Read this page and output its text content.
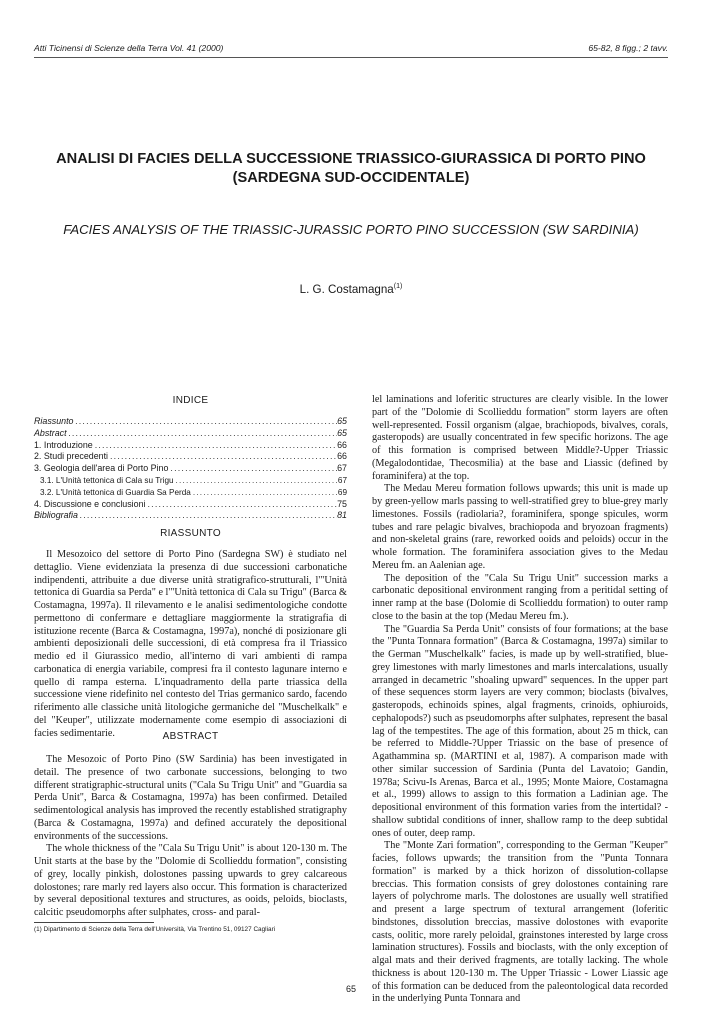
Atti Ticinensi di Scienze della Terra Vol. 41 (2000)	65-82, 8 figg.; 2 tavv.
ANALISI DI FACIES DELLA SUCCESSIONE TRIASSICO-GIURASSICA DI PORTO PINO
(SARDEGNA SUD-OCCIDENTALE)
FACIES ANALYSIS OF THE TRIASSIC-JURASSIC PORTO PINO SUCCESSION (SW SARDINIA)
L. G. Costamagna$^{(1)}$
INDICE
Riassunto .....	65
Abstract .....	65
1. Introduzione .....	66
2. Studi precedenti .....	66
3. Geologia dell'area di Porto Pino .....	67
3.1. L'Unità tettonica di Cala su Trigu .....	67
3.2. L'Unità tettonica di Guardia Sa Perda .....	69
4. Discussione e conclusioni .....	75
Bibliografia .....	81
RIASSUNTO

Il Mesozoico del settore di Porto Pino (Sardegna SW) è studiato nel dettaglio. Viene evidenziata la presenza di due successioni carbonatiche indipendenti, attribuite a due diverse unità stratigrafico-strutturali, l'"Unità tettonica di Guardia sa Perda" e l'"Unità tettonica di Cala su Trigu" (Barca & Costamagna, 1997a). Il rilevamento e le analisi sedimentologiche condotte permettono di confermare e dettagliare maggiormente la stratigrafia di istituzione recente (Barca & Costamagna, 1997a), nonché di posizionare gli ambienti deposizionali delle successioni, di età compresa fra il Triassico medio ed il Giurassico medio, all'interno di vari ambienti di rampa carbonatica di energia variabile, compresi fra il contesto lagunare interno e quello di rampa esterna. L'inquadramento della parte triassica della successione viene ridefinito nel contesto del Trias germanico sardo, facendo riferimento alle classiche unità litologiche germaniche del "Muschelkalk" e del "Keuper", utilizzate modernamente come esempio di associazioni di facies sedimentarie.	ABSTRACT

The Mesozoic of Porto Pino (SW Sardinia) has been investigated in detail. The presence of two carbonate successions, belonging to two different stratigraphic-structural units ("Cala Su Trigu Unit" and "Guardia sa Perda Unit", Barca & Costamagna, 1997a) has been confirmed. Detailed sedimentological analysis has improved the recently established stratigraphy (Barca & Costamagna, 1997a) and defined accurately the depositional environments of the successions.

The whole thickness of the "Cala Su Trigu Unit" is about 120-130 m. The Unit starts at the base by the "Dolomie di Scollieddu formation", consisting of grey, locally pinkish, dolostones passing upwards to grey calcareous dolostones; rare marly red layers also occur. This formation is characterized by several depositional textures and structures, as ooids, peloids, bioclasts, calcitic pseudomorphs after sulphates, cross- and paral-

lel laminations and loferitic structures are clearly visible. In the lower part of the "Dolomie di Scollieddu formation" storm layers are often well-represented. Fossil organism (algae, brachiopods, bivalves, corals, gasteropods) are usually concentrated in few specific horizons. The age of this formation is comprised between Middle?-Upper Triassic (Megalodontidae, Thecosmilia) at the base and Liassic (defined by foraminifera) at the top.

The Medau Mereu formation follows upwards; this unit is made up by green-yellow marls passing to well-stratified grey to blue-grey marly limestones. Fossils (radiolaria?, foraminifera, sponge spicules, worm tubes and rare pelagic bivalves, brachiopoda and bryozoan fragments) and non-skeletal grains (rare, reworked ooids and peloids) occur in the whole formation. The foraminifera association gives to the Medau Mereu fm. an Aalenian age.

The deposition of the "Cala Su Trigu Unit" succession marks a carbonatic depositional environment ranging from a peritidal setting of inner ramp at the base (Dolomie di Scollieddu formation) to outer ramp close to the basin at the top (Medau Mereu fm.).

The "Guardia Sa Perda Unit" consists of four formations; at the base the "Punta Tonnara formation" (Barca & Costamagna, 1997a) similar to the German "Muschelkalk" facies, is made up by well-stratified, blue-grey limestones with marly limestones and marls intercalations, usually arranged in decametric "shoaling upward" sequences. In the upper part of these sequences storm layers are very common; bioclasts (bivalves, gasteropods, echinoids spines, algal fragments, crinoids, ophiuroids, cephalopods?) such as pseudomorphs after sulphates, represent the basal lag of the tempestites. The age of this formation, about 25 m thick, can be referred to Middle-?Upper Triassic on the base of presence of Agathammina sp. (MARTINI et al, 1987). A comparison made with other similar succession of Sardinia (Punta del Lavatoio; Gandin, 1978a; Scivu-Is Arenas, Barca et al., 1995; Monte Maiore, Costamagna et al., 1999) allows to assign to this formation a Ladinian age. The depositional environment of this formation varies from the intertidal? - shallow subtidal conditions of inner, shallow ramp to the deep subtidal ones of outer, deep ramp.

The "Monte Zari formation", corresponding to the German "Keuper" facies, follows upwards; the transition from the "Punta Tonnara formation" is marked by a thick horizon of dissolution-collapse breccias. This formation consists of grey dolostones containing rare layers of polychrome marls. The dolostones are usually well stratified and present a large spectrum of textural arrangement (loferitic bindstones, dissolution breccias, massive dolostones with evaporite casts, oolitic, more rarely peloidal, grainstones interested by large cross lamination structures). Fossils and bioclasts, with the only exception of algal mats and their derived fragments, are totally lacking. The whole thickness is about 120-130 m. The Upper Triassic - Lower Liassic age of this formation can be deduced from the paleontological data recorded in the underlying Punta Tonnara and

(1) Dipartimento di Scienze della Terra dell'Università, Via Trentino 51, 09127 Cagliari
65
